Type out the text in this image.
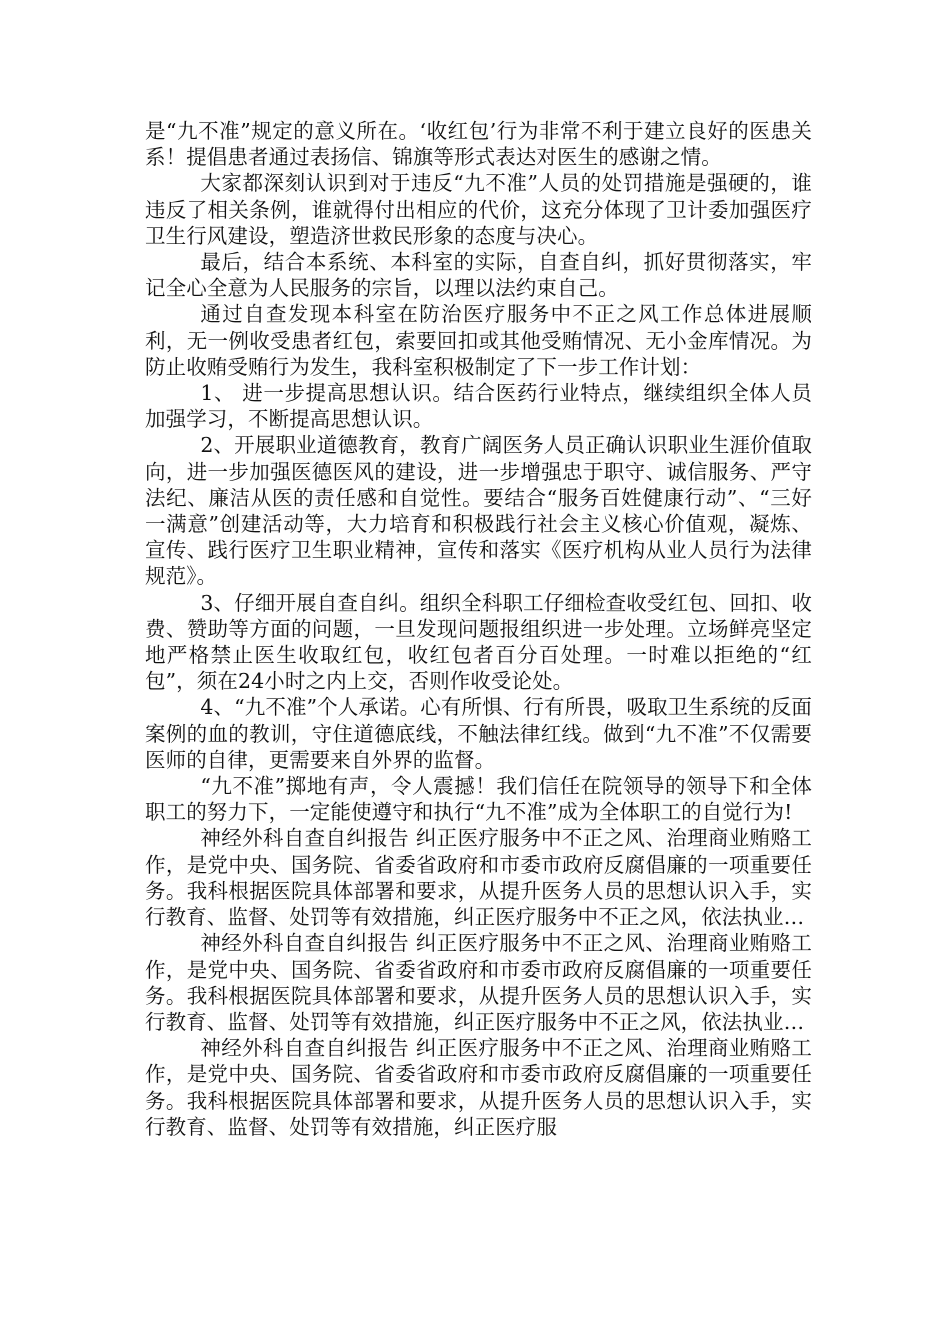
是“九不准”规定的意义所在。‘收红包’行为非常不利于建立良好的医患关系！提倡患者通过表扬信、锦旗等形式表达对医生的感谢之情。

大家都深刻认识到对于违反“九不准”人员的处罚措施是强硬的，谁违反了相关条例，谁就得付出相应的代价，这充分体现了卫计委加强医疗卫生行风建设，塑造济世救民形象的态度与决心。

最后，结合本系统、本科室的实际，自查自纠，抓好贯彻落实，牢记全心全意为人民服务的宗旨，以理以法约束自己。

通过自查发现本科室在防治医疗服务中不正之风工作总体进展顺利，无一例收受患者红包，索要回扣或其他受贿情况、无小金库情况。为防止收贿受贿行为发生，我科室积极制定了下一步工作计划：

1、 进一步提高思想认识。结合医药行业特点，继续组织全体人员加强学习，不断提高思想认识。

2、开展职业道德教育，教育广阔医务人员正确认识职业生涯价值取向，进一步加强医德医风的建设，进一步增强忠于职守、诚信服务、严守法纪、廉洁从医的责任感和自觉性。要结合“服务百姓健康行动”、“三好一满意”创建活动等，大力培育和积极践行社会主义核心价值观，凝炼、宣传、践行医疗卫生职业精神，宣传和落实《医疗机构从业人员行为法律规范》。

3、仔细开展自查自纠。组织全科职工仔细检查收受红包、回扣、收费、赞助等方面的问题，一旦发现问题报组织进一步处理。立场鲜亮坚定地严格禁止医生收取红包，收红包者百分百处理。一时难以拒绝的“红包”，须在24小时之内上交，否则作收受论处。

4、“九不准”个人承诺。心有所惧、行有所畏，吸取卫生系统的反面案例的血的教训，守住道德底线，不触法律红线。做到“九不准”不仅需要医师的自律，更需要来自外界的监督。

“九不准”掷地有声，令人震撼！我们信任在院领导的领导下和全体职工的努力下，一定能使遵守和执行“九不准”成为全体职工的自觉行为!

神经外科自查自纠报告 纠正医疗服务中不正之风、治理商业贿赂工作，是党中央、国务院、省委省政府和市委市政府反腐倡廉的一项重要任务。我科根据医院具体部署和要求，从提升医务人员的思想认识入手，实行教育、监督、处罚等有效措施，纠正医疗服务中不正之风，依法执业…

神经外科自查自纠报告 纠正医疗服务中不正之风、治理商业贿赂工作，是党中央、国务院、省委省政府和市委市政府反腐倡廉的一项重要任务。我科根据医院具体部署和要求，从提升医务人员的思想认识入手，实行教育、监督、处罚等有效措施，纠正医疗服务中不正之风，依法执业…

神经外科自查自纠报告 纠正医疗服务中不正之风、治理商业贿赂工作，是党中央、国务院、省委省政府和市委市政府反腐倡廉的一项重要任务。我科根据医院具体部署和要求，从提升医务人员的思想认识入手，实行教育、监督、处罚等有效措施，纠正医疗服
